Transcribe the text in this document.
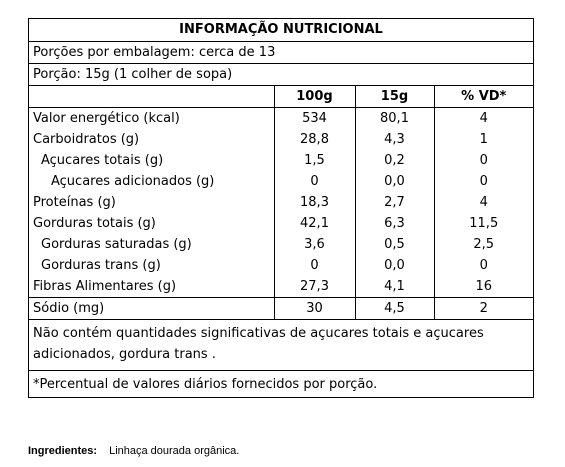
INFORMAÇÃO NUTRICIONAL
Porções por embalagem: cerca de 13
Porção: 15g (1 colher de sopa)
	100g	15g	% VD*
Valor energético (kcal)	534	80,1	4
Carboidratos (g)	28,8	4,3	1
Açucares totais (g)	1,5	0,2	0
Açucares adicionados (g)	0	0,0	0
Proteínas (g)	18,3	2,7	4
Gorduras totais (g)	42,1	6,3	11,5
Gorduras saturadas (g)	3,6	0,5	2,5
Gorduras trans (g)	0	0,0	0
Fibras Alimentares (g)	27,3	4,1	16
Sódio (mg)	30	4,5	2
Não contém quantidades significativas de açucares totais e açucares adicionados, gordura trans .
*Percentual de valores diários fornecidos por porção.
Ingredientes: Linhaça dourada orgânica.
